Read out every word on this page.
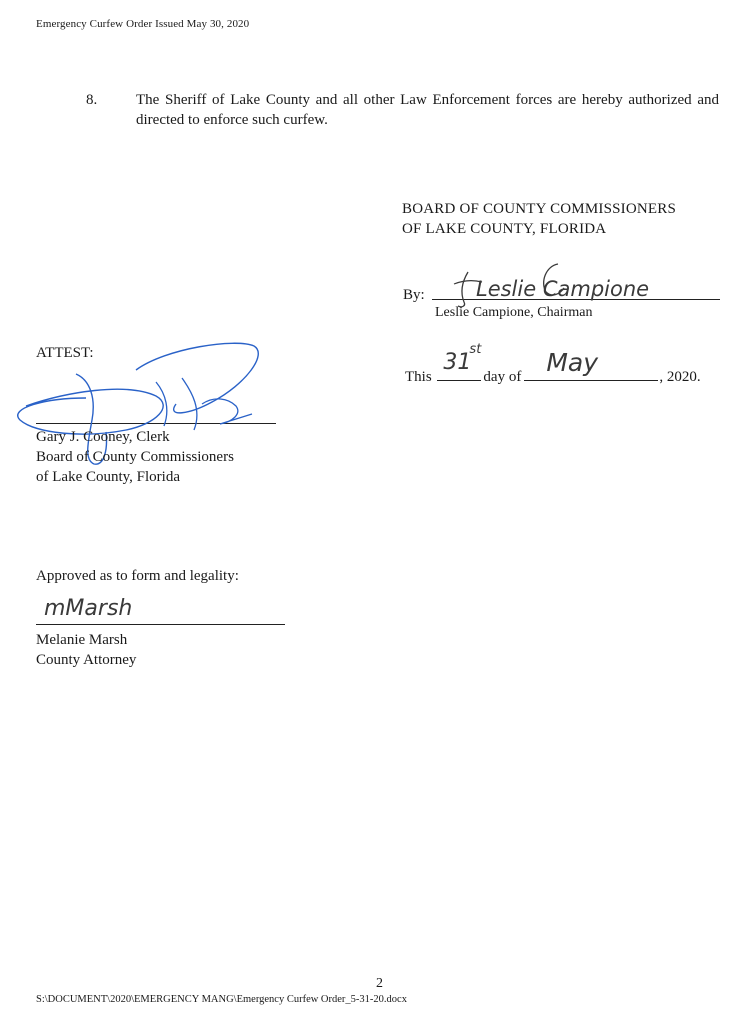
Emergency Curfew Order Issued May 30, 2020
8.	The Sheriff of Lake County and all other Law Enforcement forces are hereby authorized and directed to enforce such curfew.
BOARD OF COUNTY COMMISSIONERS
OF LAKE COUNTY, FLORIDA
By: Leslie Campione
Leslie Campione, Chairman
This
31
st
day of May	, 2020.
ATTEST:
Gary J. Cooney, Clerk
Board of County Commissioners
of Lake County, Florida
Approved as to form and legality:
mMarsh
Melanie Marsh
County Attorney
2
S:\DOCUMENT\2020\EMERGENCY MANG\Emergency Curfew Order_5-31-20.docx
